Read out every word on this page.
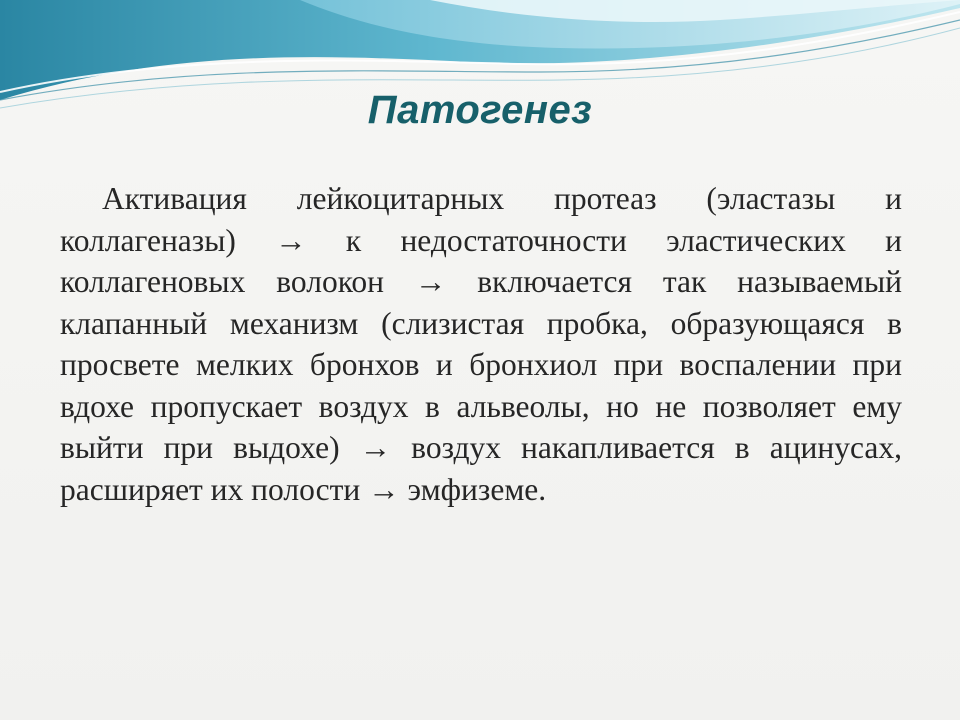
Патогенез

Активация лейкоцитарных протеаз (эластазы и коллагеназы) → к недостаточности эластических и коллагеновых волокон → включается так называемый клапанный механизм (слизистая пробка, образующаяся в просвете мелких бронхов и бронхиол при воспалении при вдохе пропускает воздух в альвеолы, но не позволяет ему выйти при выдохе) → воздух накапливается в ацинусах, расширяет их полости → эмфиземе.
